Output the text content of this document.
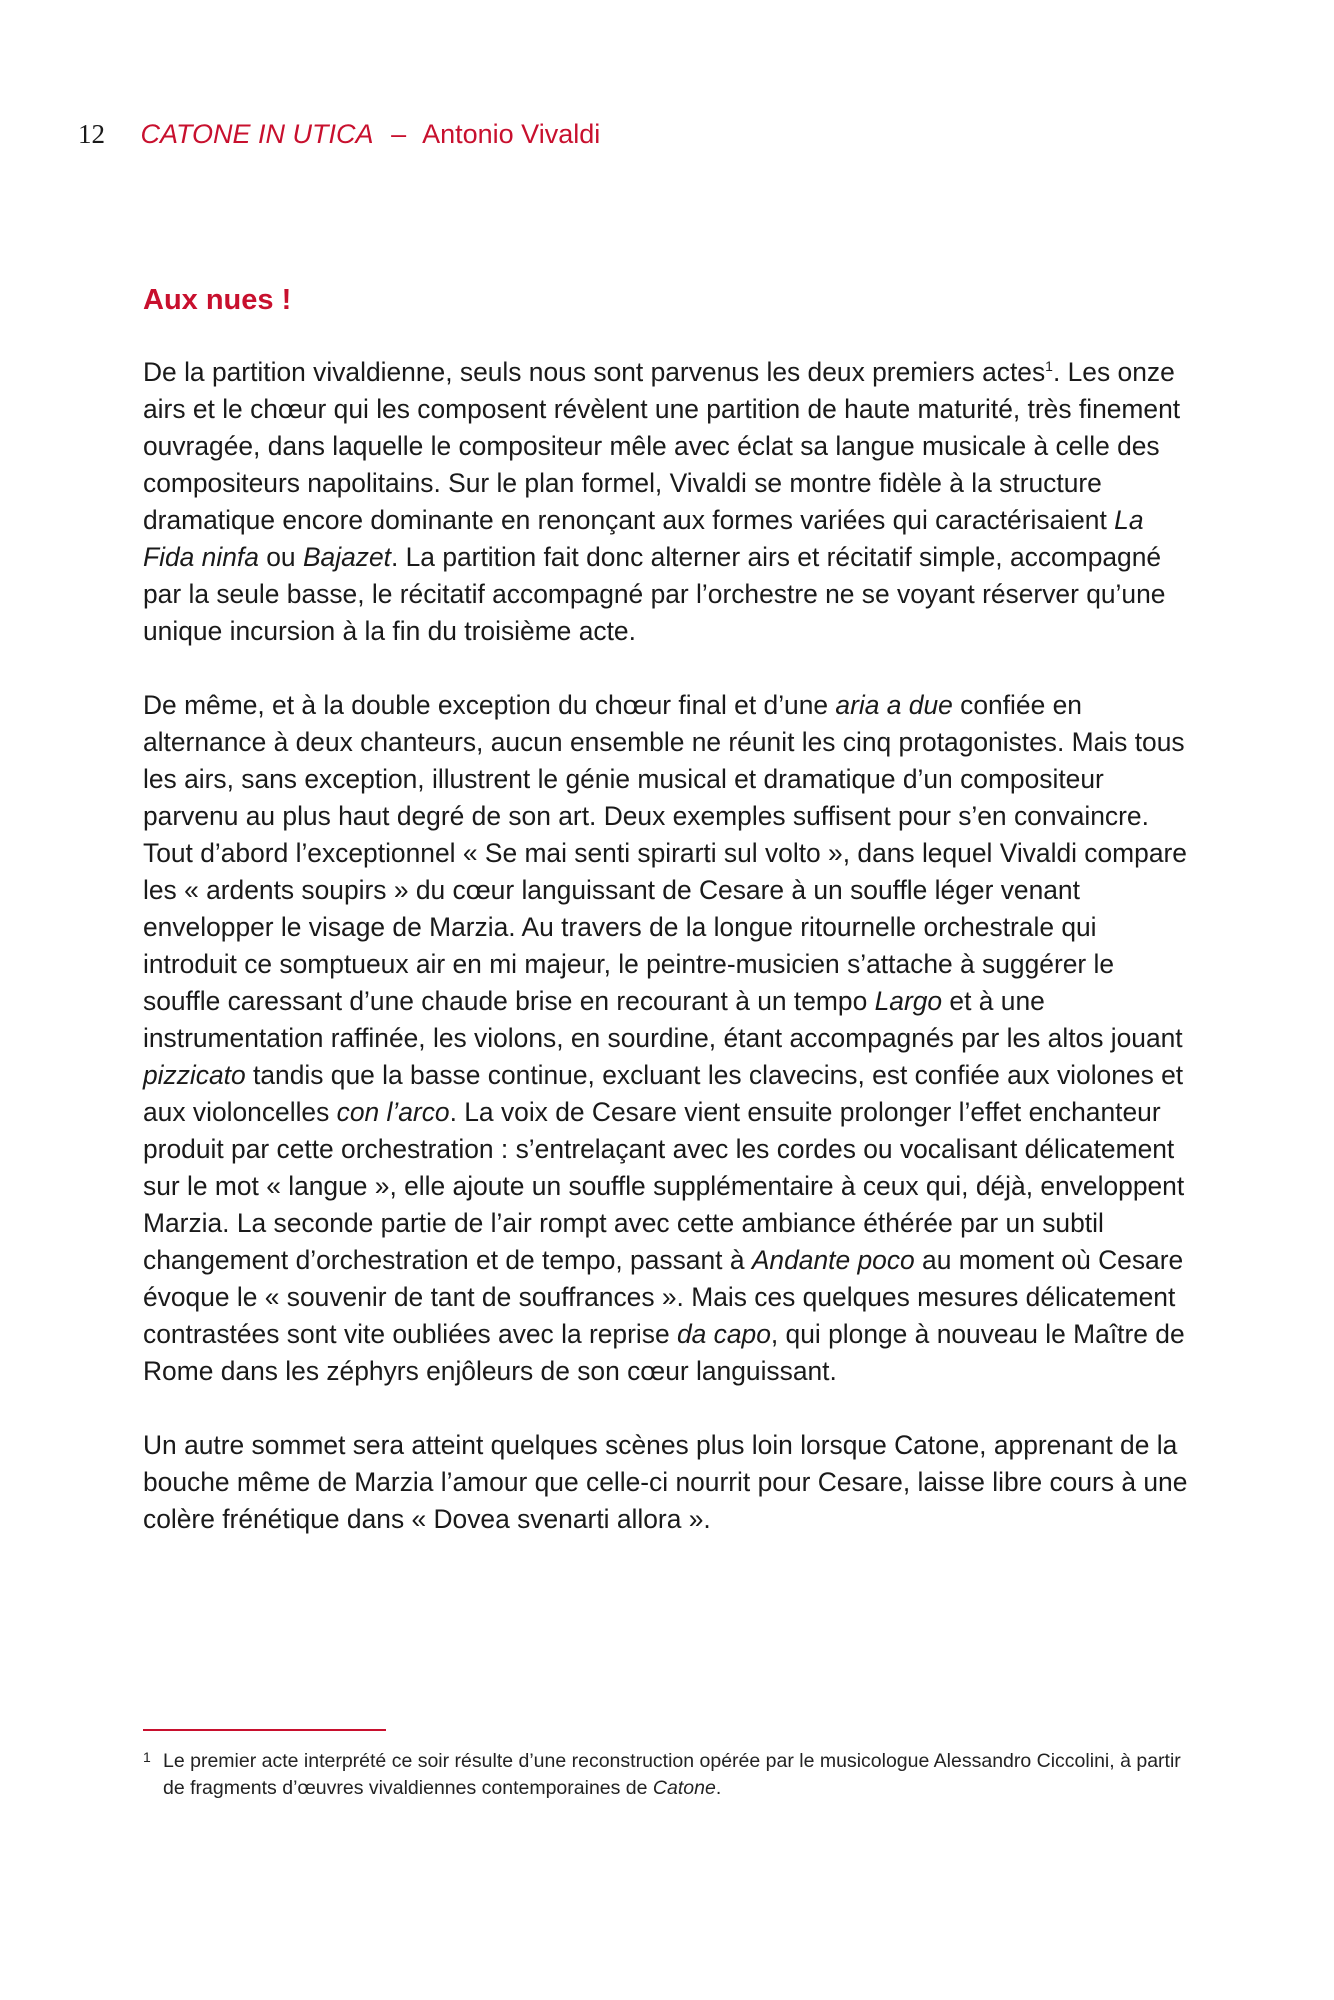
12 CATONE IN UTICA – Antonio Vivaldi
Aux nues !

De la partition vivaldienne, seuls nous sont parvenus les deux premiers actes$^1$. Les onze airs et le chœur qui les composent révèlent une partition de haute maturité, très finement ouvragée, dans laquelle le compositeur mêle avec éclat sa langue musicale à celle des compositeurs napolitains. Sur le plan formel, Vivaldi se montre fidèle à la structure dramatique encore dominante en renonçant aux formes variées qui caractérisaient La Fida ninfa ou Bajazet. La partition fait donc alterner airs et récitatif simple, accompagné par la seule basse, le récitatif accompagné par l’orchestre ne se voyant réserver qu’une unique incursion à la fin du troisième acte.

De même, et à la double exception du chœur final et d’une aria a due confiée en alternance à deux chanteurs, aucun ensemble ne réunit les cinq protagonistes. Mais tous les airs, sans exception, illustrent le génie musical et dramatique d’un compositeur parvenu au plus haut degré de son art. Deux exemples suffisent pour s’en convaincre. Tout d’abord l’exceptionnel « Se mai senti spirarti sul volto », dans lequel Vivaldi compare les « ardents soupirs » du cœur languissant de Cesare à un souffle léger venant envelopper le visage de Marzia. Au travers de la longue ritournelle orchestrale qui introduit ce somptueux air en mi majeur, le peintre-musicien s’attache à suggérer le souffle caressant d’une chaude brise en recourant à un tempo Largo et à une instrumentation raffinée, les violons, en sourdine, étant accompagnés par les altos jouant pizzicato tandis que la basse continue, excluant les clavecins, est confiée aux violones et aux violoncelles con l’arco. La voix de Cesare vient ensuite prolonger l’effet enchanteur produit par cette orchestration : s’entrelaçant avec les cordes ou vocalisant délicatement sur le mot « langue », elle ajoute un souffle supplémentaire à ceux qui, déjà, enveloppent Marzia. La seconde partie de l’air rompt avec cette ambiance éthérée par un subtil changement d’orchestration et de tempo, passant à Andante poco au moment où Cesare évoque le « souvenir de tant de souffrances ». Mais ces quelques mesures délicatement contrastées sont vite oubliées avec la reprise da capo, qui plonge à nouveau le Maître de Rome dans les zéphyrs enjôleurs de son cœur languissant.

Un autre sommet sera atteint quelques scènes plus loin lorsque Catone, apprenant de la bouche même de Marzia l’amour que celle-ci nourrit pour Cesare, laisse libre cours à une colère frénétique dans « Dovea svenarti allora ».

1 Le premier acte interprété ce soir résulte d’une reconstruction opérée par le musicologue Alessandro Ciccolini, à partir de fragments d’œuvres vivaldiennes contemporaines de Catone.
